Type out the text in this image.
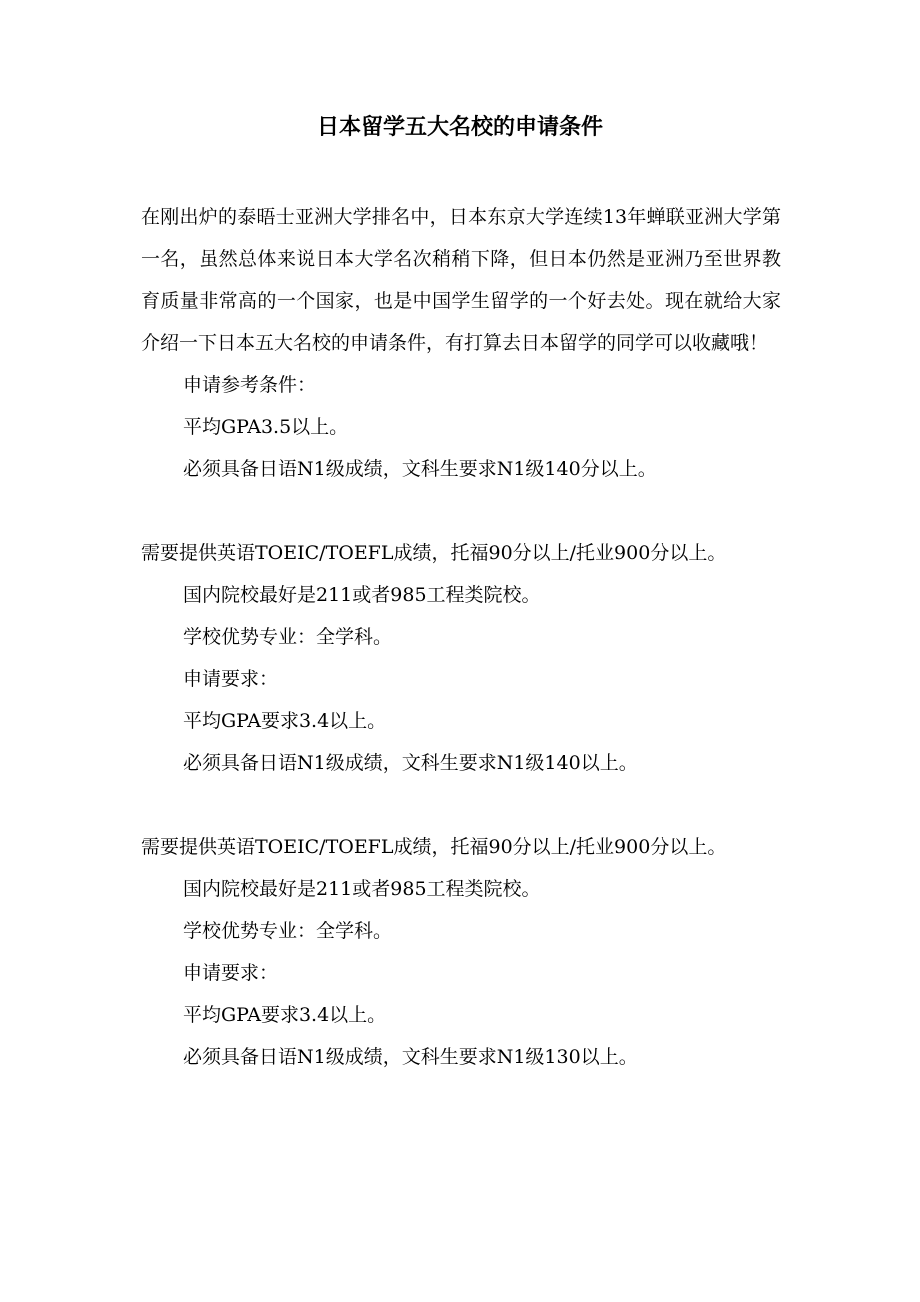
日本留学五大名校的申请条件

在刚出炉的泰晤士亚洲大学排名中，日本东京大学连续13年蝉联亚洲大学第一名，虽然总体来说日本大学名次稍稍下降，但日本仍然是亚洲乃至世界教育质量非常高的一个国家，也是中国学生留学的一个好去处。现在就给大家介绍一下日本五大名校的申请条件，有打算去日本留学的同学可以收藏哦！

申请参考条件：

平均GPA3.5以上。

必须具备日语N1级成绩，文科生要求N1级140分以上。

需要提供英语TOEIC/TOEFL成绩，托福90分以上/托业900分以上。

国内院校最好是211或者985工程类院校。

学校优势专业：全学科。

申请要求：

平均GPA要求3.4以上。

必须具备日语N1级成绩，文科生要求N1级140以上。

需要提供英语TOEIC/TOEFL成绩，托福90分以上/托业900分以上。

国内院校最好是211或者985工程类院校。

学校优势专业：全学科。

申请要求：

平均GPA要求3.4以上。

必须具备日语N1级成绩，文科生要求N1级130以上。
